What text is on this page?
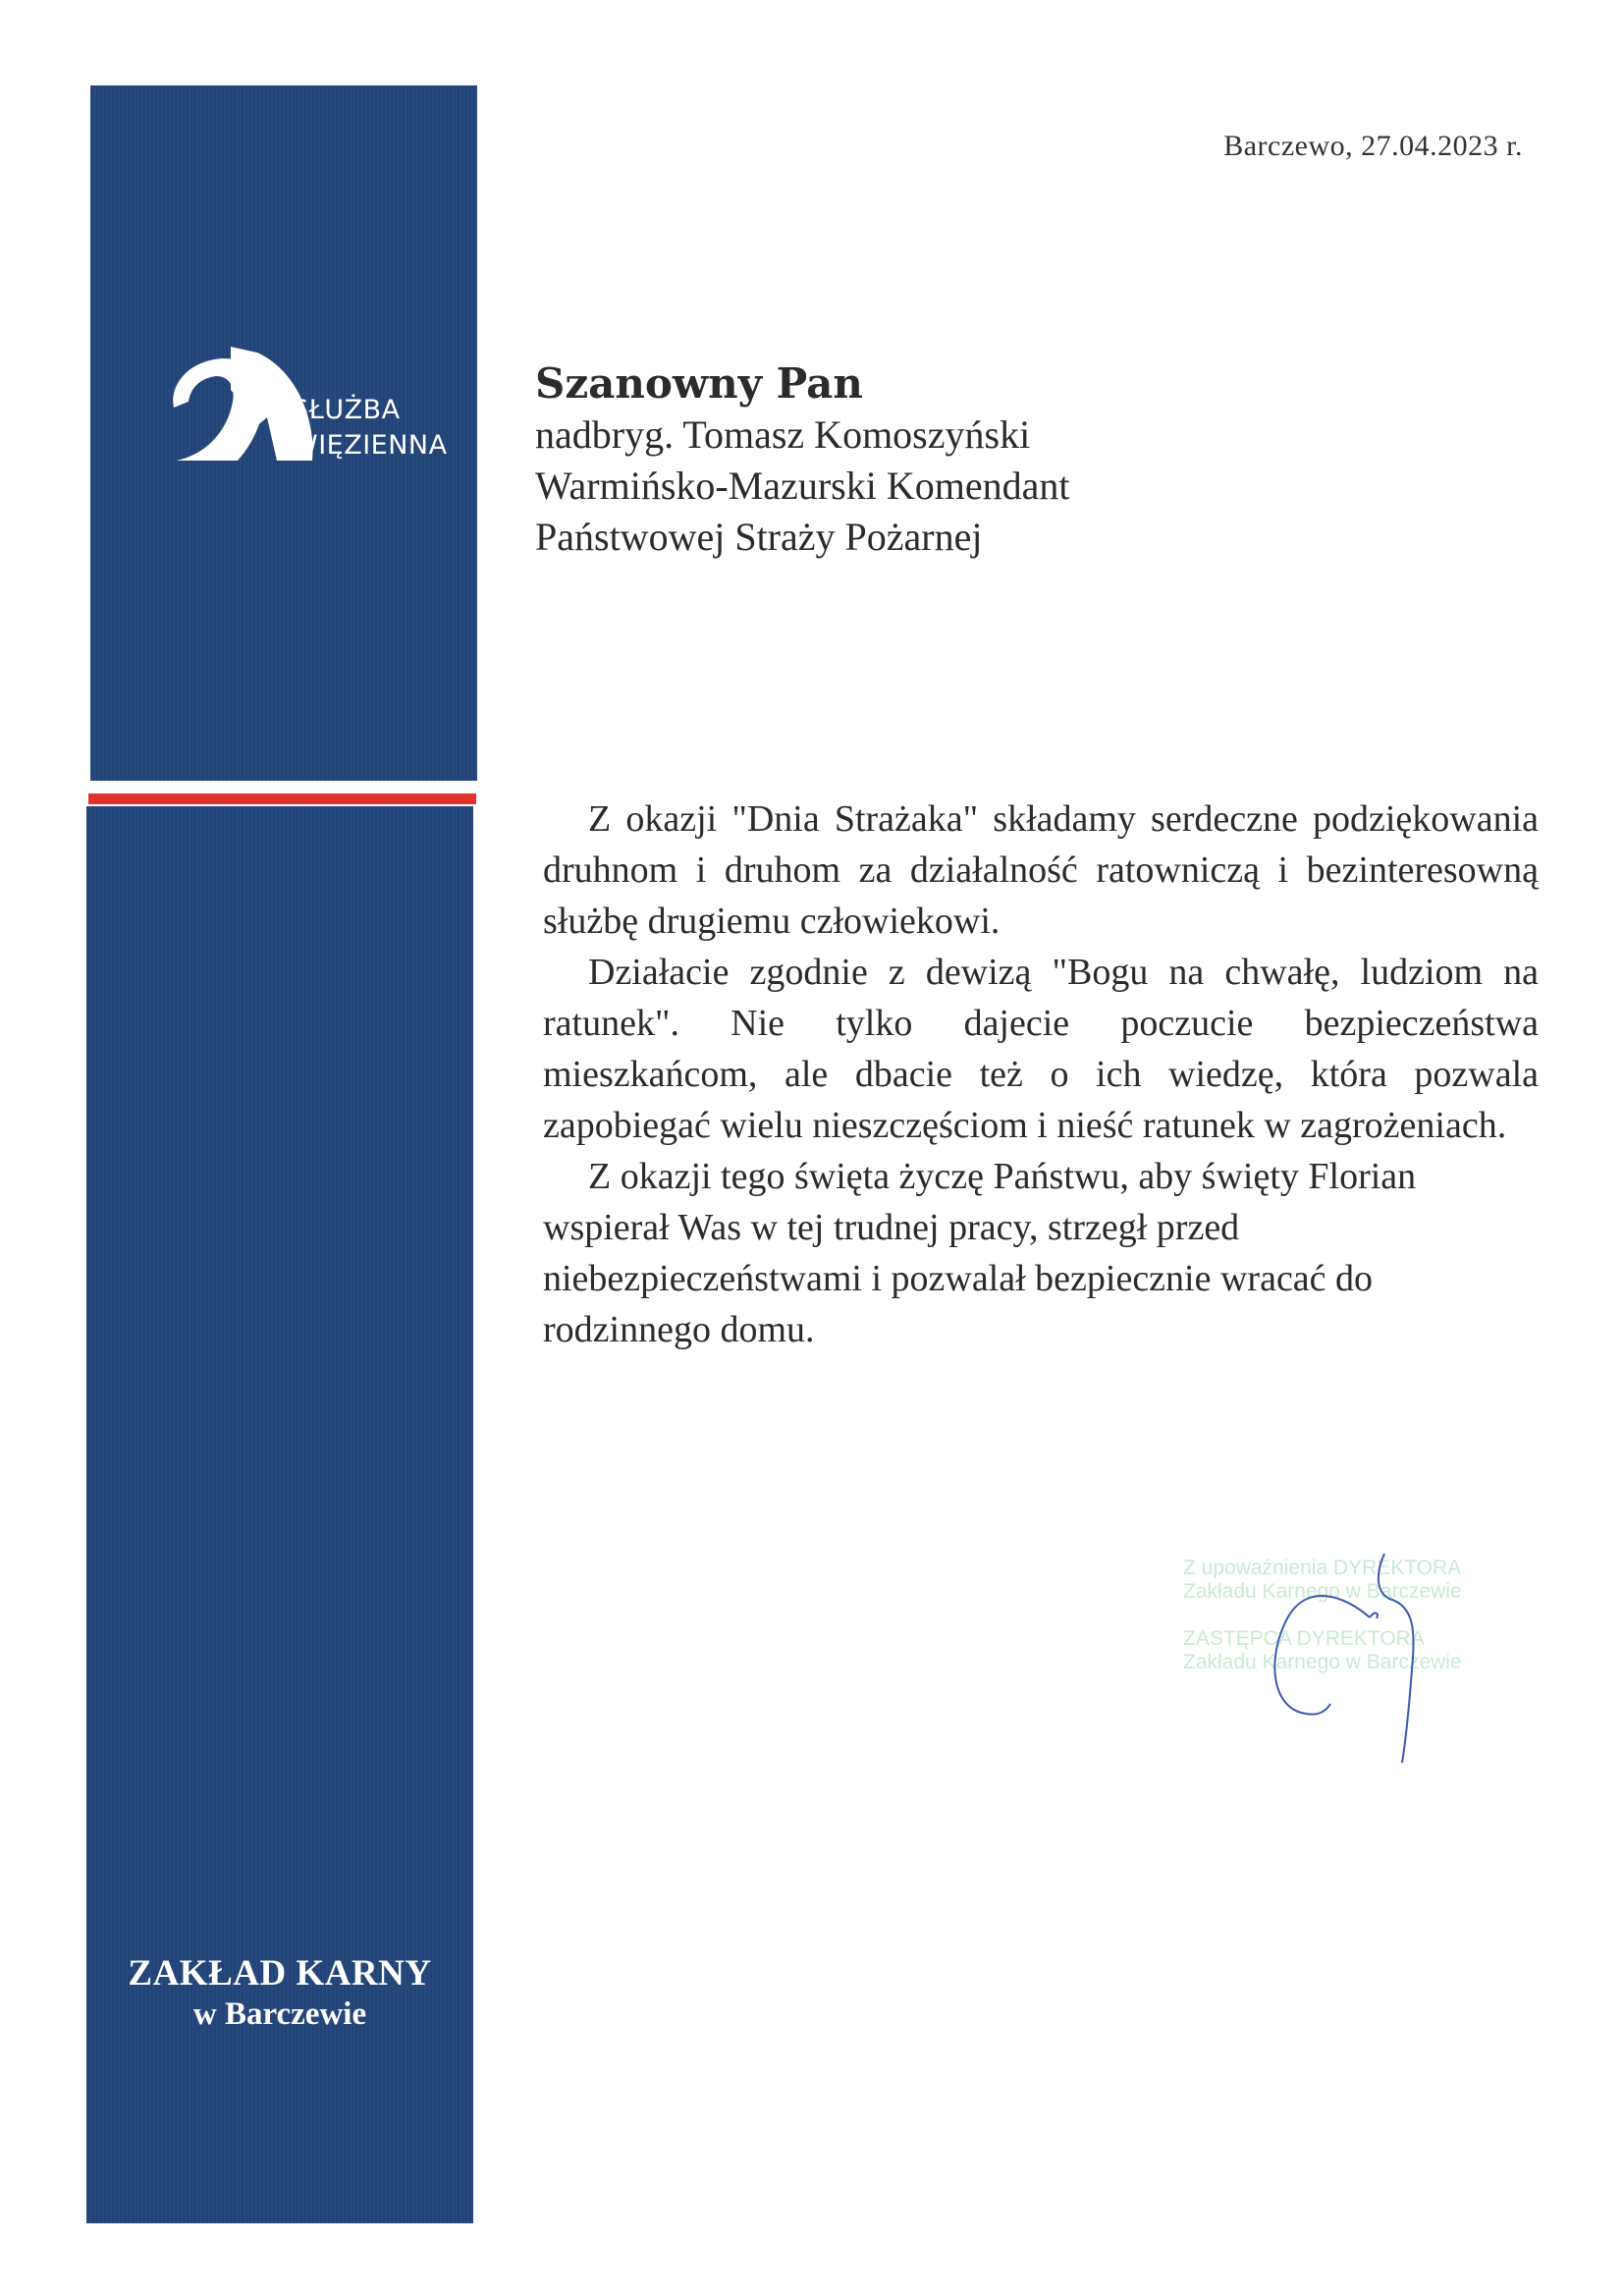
SŁUŻBA
WIĘZIENNA
ZAKŁAD KARNY
w Barczewie
Barczewo, 27.04.2023 r.
Szanowny Pan
nadbryg. Tomasz Komoszyński
Warmińsko-Mazurski Komendant
Państwowej Straży Pożarnej

Z okazji "Dnia Strażaka" składamy serdeczne podziękowania druhnom i druhom za działalność ratowniczą i bezinteresowną służbę drugiemu człowiekowi.

Działacie zgodnie z dewizą "Bogu na chwałę, ludziom na ratunek". Nie tylko dajecie poczucie bezpieczeństwa mieszkańcom, ale dbacie też o ich wiedzę, która pozwala zapobiegać wielu nieszczęściom i nieść ratunek w zagrożeniach.

Z okazji tego święta życzę Państwu, aby święty Florian wspierał Was w tej trudnej pracy, strzegł przed niebezpieczeństwami i pozwalał bezpiecznie wracać do rodzinnego domu.

Z upoważnienia DYREKTORA
Zakładu Karnego w Barczewie

ZASTĘPCA DYREKTORA
Zakładu Karnego w Barczewie
